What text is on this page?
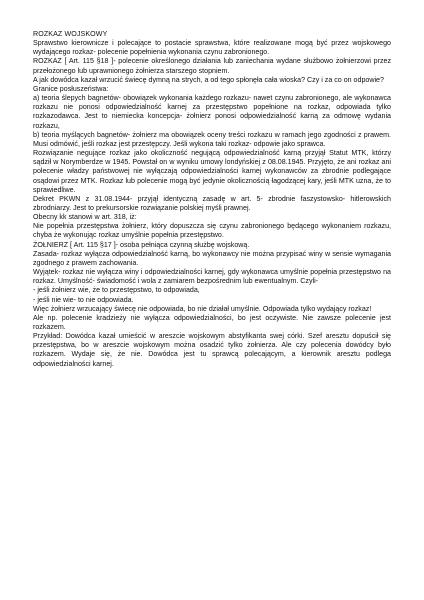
ROZKAZ WOJSKOWY

Sprawstwo kierownicze i polecające to postacie sprawstwa, które realizowane mogą być przez wojskowego wydającego rozkaz- polecenie popełnienia wykonania czynu zabronionego.

ROZKAZ [ Art. 115 §18 ]- polecenie określonego działania lub zaniechania wydane służbowo żołnierzowi przez przełożonego lub uprawnionego żołnierza starszego stopniem.

A jak dowódca kazał wrzucić świecę dymną na strych, a od tego spłonęła cała wioska? Czy i za co on odpowie?

Granice posłuszeństwa:

a) teoria ślepych bagnetów- obowiązek wykonania każdego rozkazu- nawet czynu zabronionego, ale wykonawca rozkazu nie ponosi odpowiedzialność karnej za przestępstwo popełnione na rozkaz, odpowiada tylko rozkazodawca. Jest to niemiecka koncepcja- żołnierz ponosi odpowiedzialność karną za odmowę wydania rozkazu,

b) teoria myślących bagnetów- żołnierz ma obowiązek oceny treści rozkazu w ramach jego zgodności z prawem. Musi odmówić, jeśli rozkaz jest przestępczy. Jeśli wykona taki rozkaz- odpowie jako sprawca.

Rozwiązanie negujące rozkaz jako okoliczność negującą odpowiedzialność karną przyjął Statut MTK, którzy sądził w Norymberdze w 1945. Powstał on w wyniku umowy londyńskiej z 08.08.1945. Przyjęto, że ani rozkaz ani polecenie władzy państwowej nie wyłączają odpowiedzialności karnej wykonawców za zbrodnie podlegające osądowi przez MTK. Rozkaz lub polecenie mogą być jedynie okolicznością łagodzącej kary, jeśli MTK uzna, że to sprawiedliwe.

Dekret PKWN z 31.08.1944- przyjął identyczną zasadę w art. 5- zbrodnie faszystowsko- hitlerowskich zbrodniarzy. Jest to prekursorskie rozwiązanie polskiej myśli prawnej.

Obecny kk stanowi w art. 318, iż:

Nie popełnia przestępstwa żołnierz, który dopuszcza się czynu zabronionego będącego wykonaniem rozkazu, chyba że wykonując rozkaz umyślnie popełnia przestępstwo.

ŻOŁNIERZ [ Art. 115 §17 ]- osoba pełniąca czynną służbę wojskową.

Zasada- rozkaz wyłącza odpowiedzialność karną, bo wykonawcy nie można przypisać winy w sensie wymagania zgodnego z prawem zachowania.

Wyjątek- rozkaz nie wyłącza winy i odpowiedzialności karnej, gdy wykonawca umyślnie popełnia przestępstwo na rozkaz. Umyślność- świadomość i wola z zamiarem bezpośrednim lub ewentualnym. Czyli-

- jeśli żołnierz wie, że to przestępstwo, to odpowiada,

- jeśli nie wie- to nie odpowiada.

Więc żołnierz wrzucający świecę nie odpowiada, bo nie działał umyślnie. Odpowiada tylko wydający rozkaz!

Ale np. polecenie kradzieży nie wyłącza odpowiedzialności, bo jest oczywiste. Nie zawsze polecenie jest rozkazem.

Przykład: Dowódca kazał umieścić w areszcie wojskowym abstyfikanta swej córki. Szef aresztu dopuścił się przestępstwa, bo w areszcie wojskowym można osadzić tylko żołnierza. Ale czy polecenia dowódcy było rozkazem. Wydaje się, że nie. Dowódca jest tu sprawcą polecającym, a kierownik aresztu podlega odpowiedzialności karnej.
